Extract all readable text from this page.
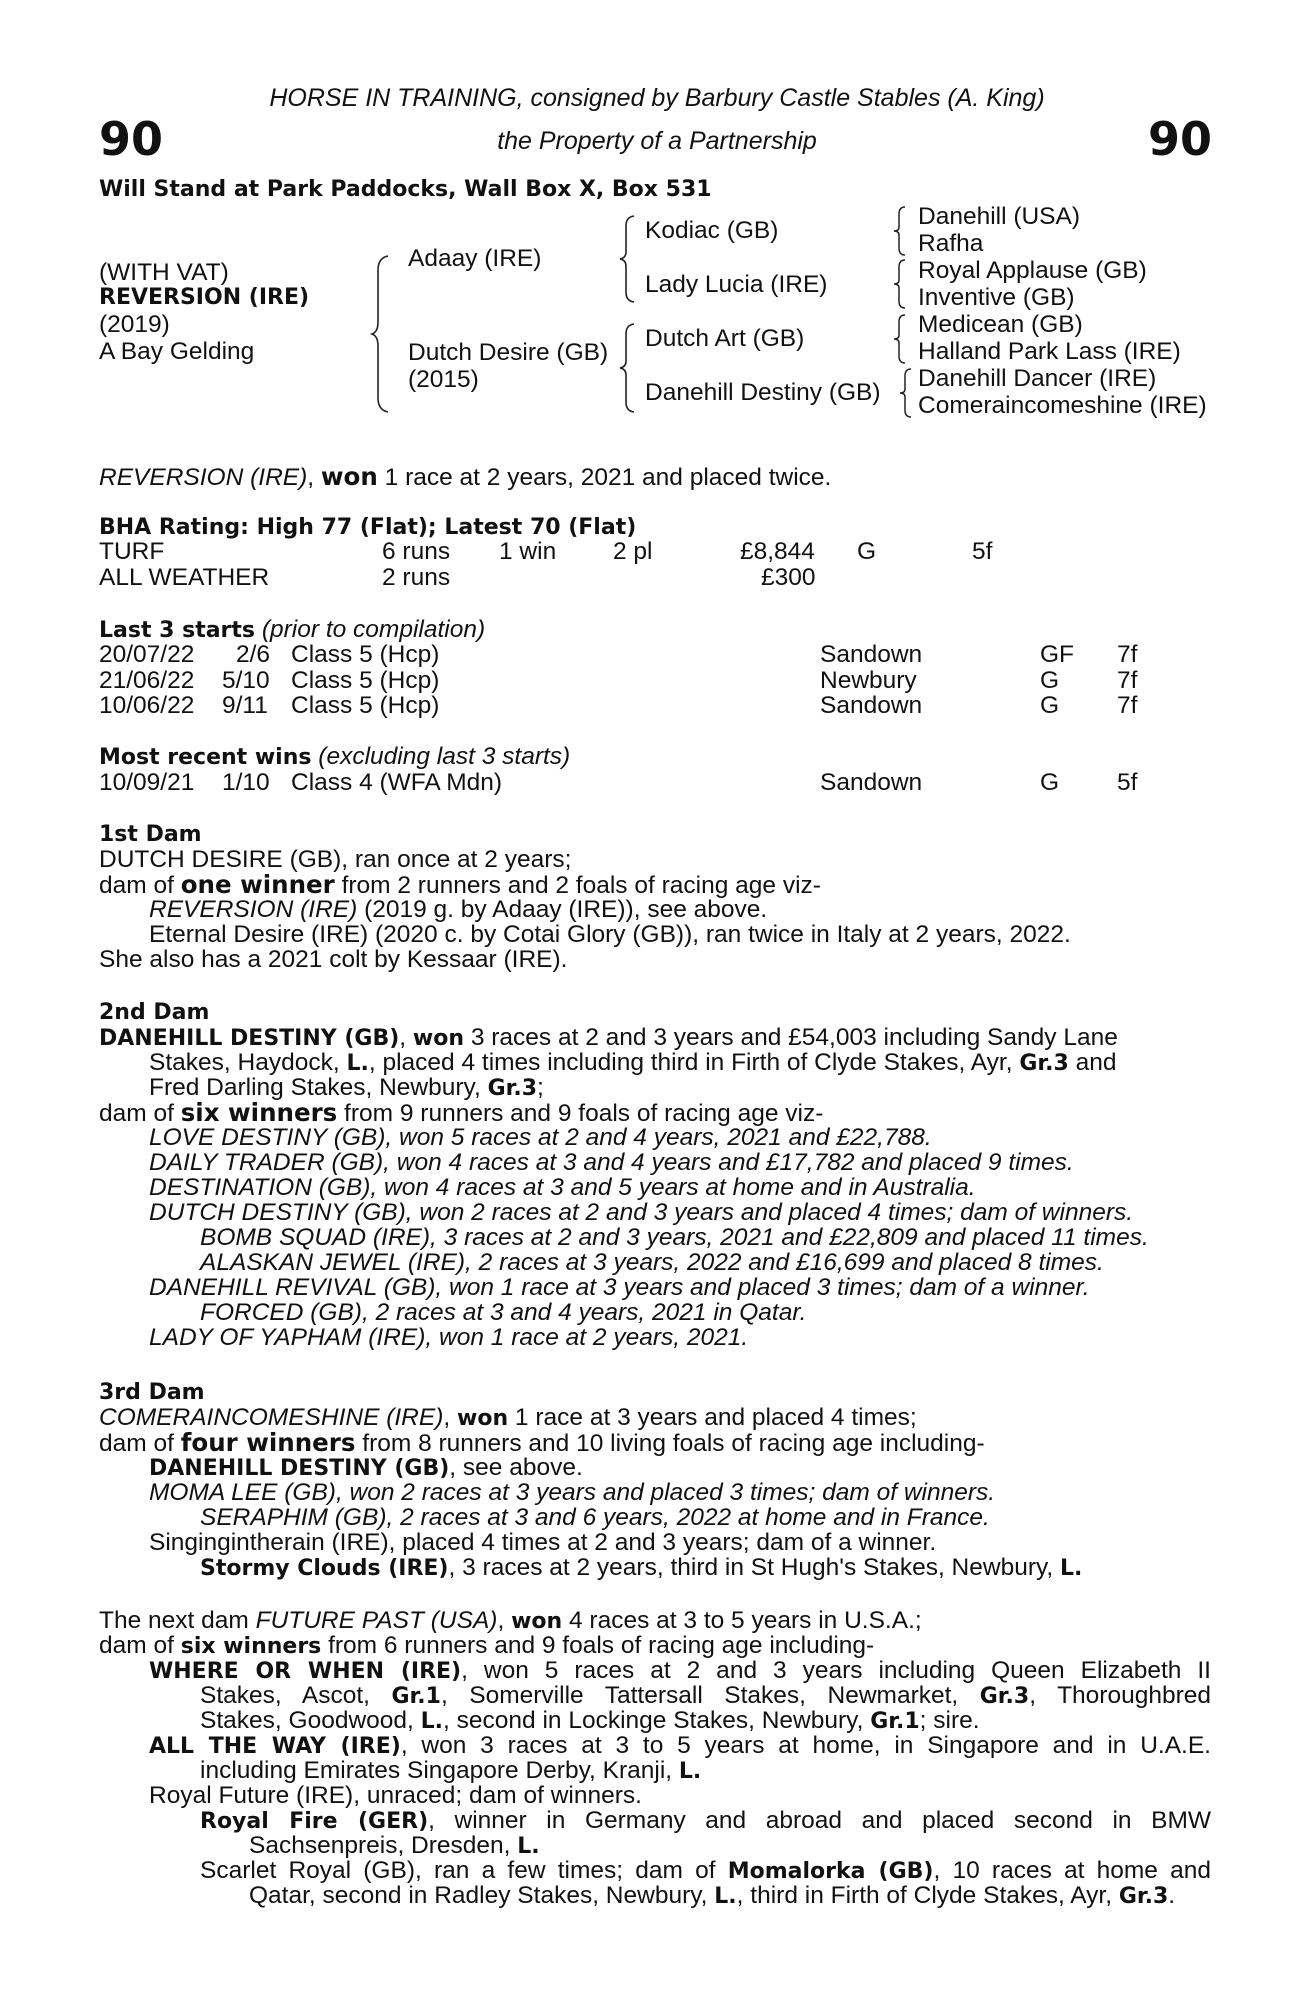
HORSE IN TRAINING, consigned by Barbury Castle Stables (A. King)
90	the Property of a Partnership	90
Will Stand at Park Paddocks, Wall Box X, Box 531
(WITH VAT)
REVERSION (IRE)
(2019)
A Bay Gelding
Adaay (IRE)
Dutch Desire (GB)
(2015)
Kodiac (GB)
Lady Lucia (IRE)
Dutch Art (GB)
Danehill Destiny (GB)
Danehill (USA)
Rafha
Royal Applause (GB)
Inventive (GB)
Medicean (GB)
Halland Park Lass (IRE)
Danehill Dancer (IRE)
Comeraincomeshine (IRE)
REVERSION (IRE), won 1 race at 2 years, 2021 and placed twice.
BHA Rating: High 77 (Flat); Latest 70 (Flat)
TURF	6 runs 1 win 2 pl	£8,844 G	5f
ALL WEATHER	2 runs	£300
Last 3 starts (prior to compilation)
20/07/22 2/6 Class 5 (Hcp)	Sandown	GF 7f
21/06/22 5/10 Class 5 (Hcp)	Newbury	G 7f
10/06/22 9/11 Class 5 (Hcp)	Sandown	G 7f
Most recent wins (excluding last 3 starts)
10/09/21 1/10 Class 4 (WFA Mdn)	Sandown	G 5f
1st Dam
DUTCH DESIRE (GB), ran once at 2 years;
dam of one winner from 2 runners and 2 foals of racing age viz-
REVERSION (IRE) (2019 g. by Adaay (IRE)), see above.
Eternal Desire (IRE) (2020 c. by Cotai Glory (GB)), ran twice in Italy at 2 years, 2022.
She also has a 2021 colt by Kessaar (IRE).
2nd Dam
DANEHILL DESTINY (GB), won 3 races at 2 and 3 years and £54,003 including Sandy Lane
Stakes, Haydock, L., placed 4 times including third in Firth of Clyde Stakes, Ayr, Gr.3 and
Fred Darling Stakes, Newbury, Gr.3;
dam of six winners from 9 runners and 9 foals of racing age viz-
LOVE DESTINY (GB), won 5 races at 2 and 4 years, 2021 and £22,788.
DAILY TRADER (GB), won 4 races at 3 and 4 years and £17,782 and placed 9 times.
DESTINATION (GB), won 4 races at 3 and 5 years at home and in Australia.
DUTCH DESTINY (GB), won 2 races at 2 and 3 years and placed 4 times; dam of winners.
BOMB SQUAD (IRE), 3 races at 2 and 3 years, 2021 and £22,809 and placed 11 times.
ALASKAN JEWEL (IRE), 2 races at 3 years, 2022 and £16,699 and placed 8 times.
DANEHILL REVIVAL (GB), won 1 race at 3 years and placed 3 times; dam of a winner.
FORCED (GB), 2 races at 3 and 4 years, 2021 in Qatar.
LADY OF YAPHAM (IRE), won 1 race at 2 years, 2021.
3rd Dam
COMERAINCOMESHINE (IRE), won 1 race at 3 years and placed 4 times;
dam of four winners from 8 runners and 10 living foals of racing age including-
DANEHILL DESTINY (GB), see above.
MOMA LEE (GB), won 2 races at 3 years and placed 3 times; dam of winners.
SERAPHIM (GB), 2 races at 3 and 6 years, 2022 at home and in France.
Singingintherain (IRE), placed 4 times at 2 and 3 years; dam of a winner.
Stormy Clouds (IRE), 3 races at 2 years, third in St Hugh's Stakes, Newbury, L.
The next dam FUTURE PAST (USA), won 4 races at 3 to 5 years in U.S.A.;
dam of six winners from 6 runners and 9 foals of racing age including-
WHERE OR WHEN (IRE), won 5 races at 2 and 3 years including Queen Elizabeth II
Stakes, Ascot, Gr.1, Somerville Tattersall Stakes, Newmarket, Gr.3, Thoroughbred
Stakes, Goodwood, L., second in Lockinge Stakes, Newbury, Gr.1; sire.
ALL THE WAY (IRE), won 3 races at 3 to 5 years at home, in Singapore and in U.A.E.
including Emirates Singapore Derby, Kranji, L.
Royal Future (IRE), unraced; dam of winners.
Royal Fire (GER), winner in Germany and abroad and placed second in BMW
Sachsenpreis, Dresden, L.
Scarlet Royal (GB), ran a few times; dam of Momalorka (GB), 10 races at home and
Qatar, second in Radley Stakes, Newbury, L., third in Firth of Clyde Stakes, Ayr, Gr.3.
